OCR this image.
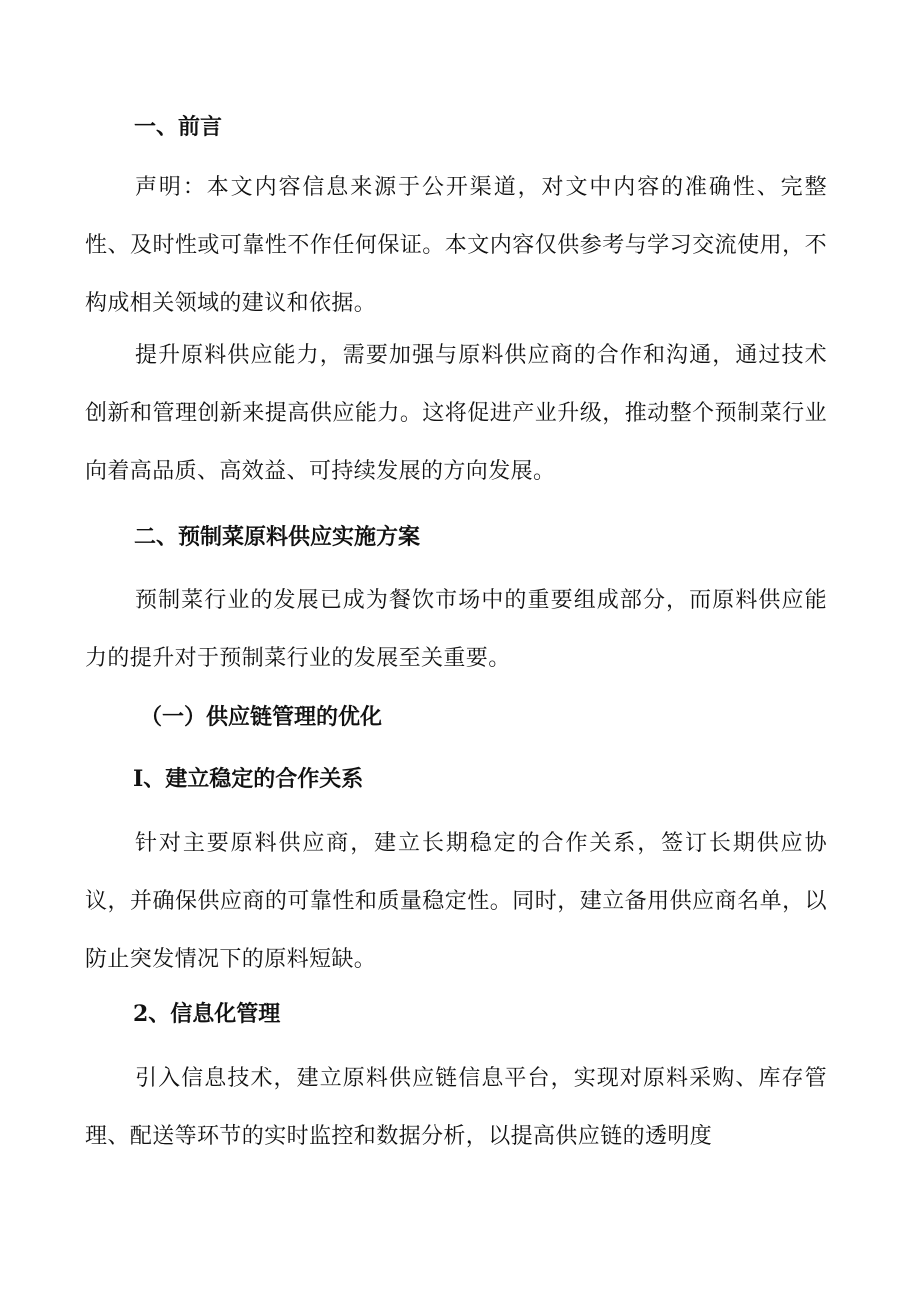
一、前言

声明：本文内容信息来源于公开渠道，对文中内容的准确性、完整性、及时性或可靠性不作任何保证。本文内容仅供参考与学习交流使用，不构成相关领域的建议和依据。

提升原料供应能力，需要加强与原料供应商的合作和沟通，通过技术创新和管理创新来提高供应能力。这将促进产业升级，推动整个预制菜行业向着高品质、高效益、可持续发展的方向发展。

二、预制菜原料供应实施方案

预制菜行业的发展已成为餐饮市场中的重要组成部分，而原料供应能力的提升对于预制菜行业的发展至关重要。

（一）供应链管理的优化
I、建立稳定的合作关系

针对主要原料供应商，建立长期稳定的合作关系，签订长期供应协议，并确保供应商的可靠性和质量稳定性。同时，建立备用供应商名单，以防止突发情况下的原料短缺。

2、信息化管理

引入信息技术，建立原料供应链信息平台，实现对原料采购、库存管理、配送等环节的实时监控和数据分析，以提高供应链的透明度
